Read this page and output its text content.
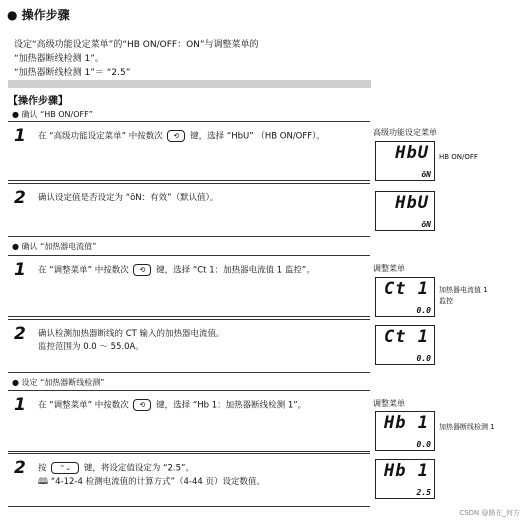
● 操作步骤
设定“高级功能设定菜单”的“HB ON/OFF：ON”与调整菜单的
“加热器断线检测 1”。
“加热器断线检测 1”＝ “2.5”
【操作步骤】
● 确认 “HB ON/OFF”
1 在 “高级功能设定菜单” 中按数次 ⟲ 键，选择 “HbU” （HB ON/OFF）。	高级功能设定菜单
HbU
ōN
HB ON/OFF
2 确认设定值是否设定为 “ōN：有效”（默认值）。	HbU
ōN
● 确认 “加热器电流值”
1 在 “调整菜单” 中按数次 ⟲ 键，选择 “Ct 1：加热器电流值 1 监控”。	调整菜单
Ct 1
0.0
加热器电流值 1
监控
2 确认检测加热器断线的 CT 输入的加热器电流值。
监控范围为 0.0 ～ 55.0A。	Ct 1
0.0
● 设定 “加热器断线检测”
1 在 “调整菜单” 中按数次 ⟲ 键，选择 “Hb 1：加热器断线检测 1”。	调整菜单
Hb 1
0.0
加热器断线检测 1
2 按 ⌃⌄ 键，将设定值设定为 “2.5”。
🕮 “4-12-4 检测电流值的计算方式”（4-44 页）设定数值。
Hb 1
2.5
CSDN @路在_何方
